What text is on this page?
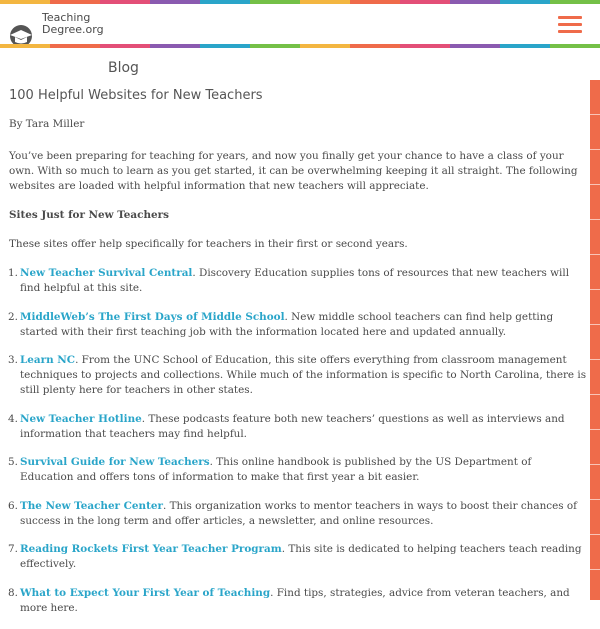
Teaching
Degree.org
Blog
100 Helpful Websites for New Teachers

By Tara Miller

You’ve been preparing for teaching for years, and now you finally get your chance to have a class of your own. With so much to learn as you get started, it can be overwhelming keeping it all straight. The following websites are loaded with helpful information that new teachers will appreciate.

Sites Just for New Teachers

These sites offer help specifically for teachers in their first or second years.

1. New Teacher Survival Central. Discovery Education supplies tons of resources that new teachers will find helpful at this site.
2. MiddleWeb’s The First Days of Middle School. New middle school teachers can find help getting started with their first teaching job with the information located here and updated annually.
3. Learn NC. From the UNC School of Education, this site offers everything from classroom management techniques to projects and collections. While much of the information is specific to North Carolina, there is still plenty here for teachers in other states.
4. New Teacher Hotline. These podcasts feature both new teachers’ questions as well as interviews and information that teachers may find helpful.
5. Survival Guide for New Teachers. This online handbook is published by the US Department of Education and offers tons of information to make that first year a bit easier.
6. The New Teacher Center. This organization works to mentor teachers in ways to boost their chances of success in the long term and offer articles, a newsletter, and online resources.
7. Reading Rockets First Year Teacher Program. This site is dedicated to helping teachers teach reading effectively.
8. What to Expect Your First Year of Teaching. Find tips, strategies, advice from veteran teachers, and more here.
